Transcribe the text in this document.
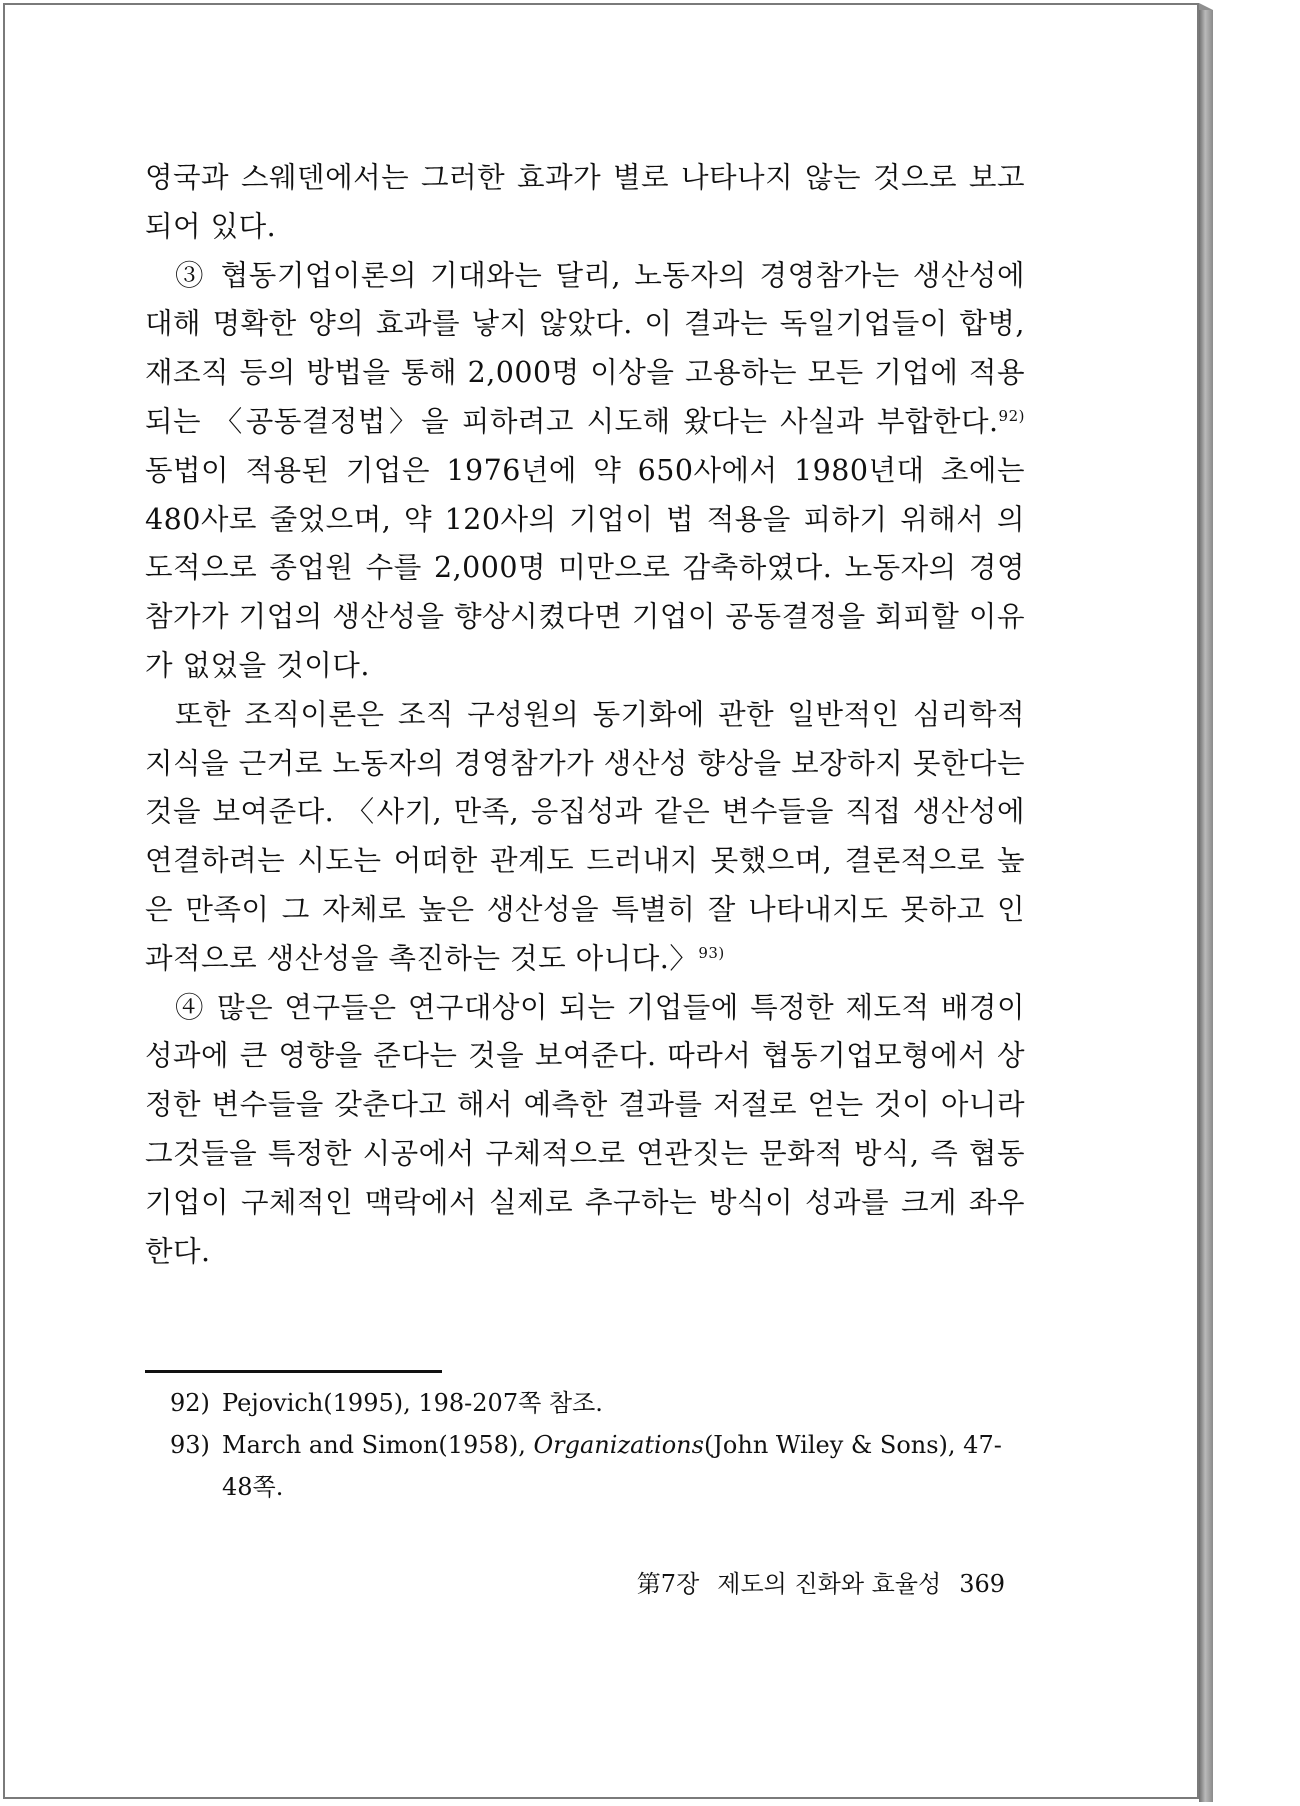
영국과 스웨덴에서는 그러한 효과가 별로 나타나지 않는 것으로 보고되어 있다.

③ 협동기업이론의 기대와는 달리, 노동자의 경영참가는 생산성에 대해 명확한 양의 효과를 낳지 않았다. 이 결과는 독일기업들이 합병, 재조직 등의 방법을 통해 2,000명 이상을 고용하는 모든 기업에 적용되는 〈공동결정법〉을 피하려고 시도해 왔다는 사실과 부합한다.$^{92)}$ 동법이 적용된 기업은 1976년에 약 650사에서 1980년대 초에는 480사로 줄었으며, 약 120사의 기업이 법 적용을 피하기 위해서 의도적으로 종업원 수를 2,000명 미만으로 감축하였다. 노동자의 경영참가가 기업의 생산성을 향상시켰다면 기업이 공동결정을 회피할 이유가 없었을 것이다.

또한 조직이론은 조직 구성원의 동기화에 관한 일반적인 심리학적 지식을 근거로 노동자의 경영참가가 생산성 향상을 보장하지 못한다는 것을 보여준다. 〈사기, 만족, 응집성과 같은 변수들을 직접 생산성에 연결하려는 시도는 어떠한 관계도 드러내지 못했으며, 결론적으로 높은 만족이 그 자체로 높은 생산성을 특별히 잘 나타내지도 못하고 인과적으로 생산성을 촉진하는 것도 아니다.〉$^{93)}$

④ 많은 연구들은 연구대상이 되는 기업들에 특정한 제도적 배경이 성과에 큰 영향을 준다는 것을 보여준다. 따라서 협동기업모형에서 상정한 변수들을 갖춘다고 해서 예측한 결과를 저절로 얻는 것이 아니라 그것들을 특정한 시공에서 구체적으로 연관짓는 문화적 방식, 즉 협동기업이 구체적인 맥락에서 실제로 추구하는 방식이 성과를 크게 좌우한다.

92) Pejovich(1995), 198-207쪽 참조.

93) March and Simon(1958), Organizations(John Wiley & Sons), 47-48쪽.

第7장 제도의 진화와 효율성 369
